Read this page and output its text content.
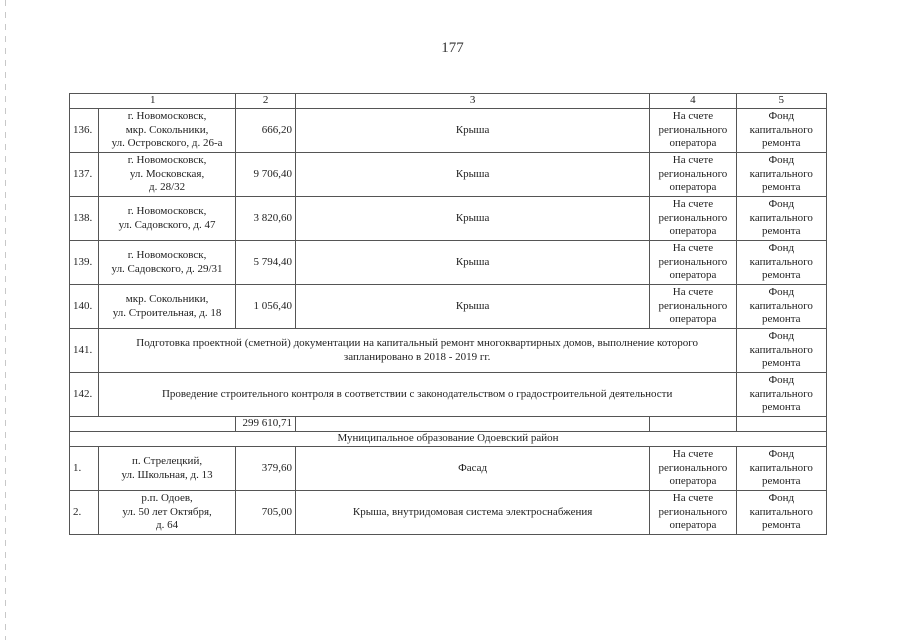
177
1		2	3	4	5
136.	г. Новомосковск,
мкр. Сокольники,
ул. Островского, д. 26-а	666,20	Крыша	На счете регионального оператора	Фонд капитального ремонта
137.	г. Новомосковск,
ул. Московская,
д. 28/32	9 706,40	Крыша	На счете регионального оператора	Фонд капитального ремонта
138.	г. Новомосковск,
ул. Садовского, д. 47	3 820,60	Крыша	На счете регионального оператора	Фонд капитального ремонта
139.	г. Новомосковск,
ул. Садовского, д. 29/31	5 794,40	Крыша	На счете регионального оператора	Фонд капитального ремонта
140.	мкр. Сокольники,
ул. Строительная, д. 18	1 056,40	Крыша	На счете регионального оператора	Фонд капитального ремонта
141.	Подготовка проектной (сметной) документации на капитальный ремонт многоквартирных домов, выполнение которого запланировано в 2018 - 2019 гг.				Фонд капитального ремонта
142.	Проведение строительного контроля в соответствии с законодательством о градостроительной деятельности				Фонд капитального ремонта
		299 610,71			
Муниципальное образование Одоевский район					
1.	п. Стрелецкий,
ул. Школьная, д. 13	379,60	Фасад	На счете регионального оператора	Фонд капитального ремонта
2.	р.п. Одоев,
ул. 50 лет Октября,
д. 64	705,00	Крыша, внутридомовая система электроснабжения	На счете регионального оператора	Фонд капитального ремонта
